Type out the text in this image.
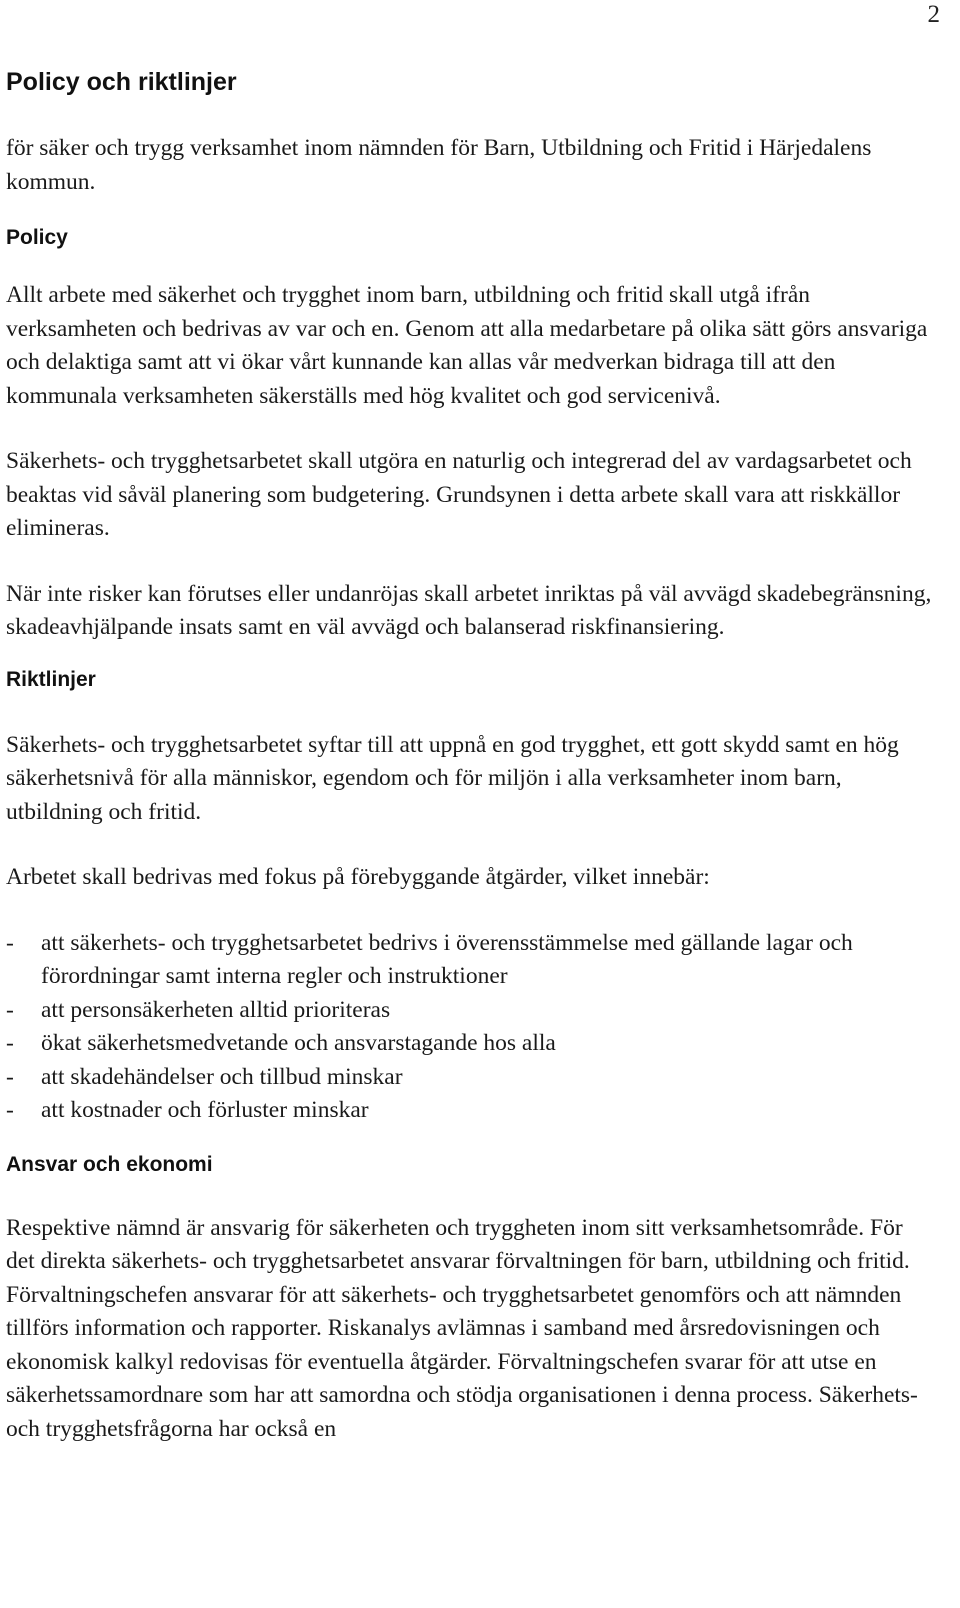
2
Policy och riktlinjer

för säker och trygg verksamhet inom nämnden för Barn, Utbildning och Fritid i Härjedalens kommun.

Policy

Allt arbete med säkerhet och trygghet inom barn, utbildning och fritid skall utgå ifrån verksamheten och bedrivas av var och en. Genom att alla medarbetare på olika sätt görs ansvariga och delaktiga samt att vi ökar vårt kunnande kan allas vår medverkan bidraga till att den kommunala verksamheten säkerställs med hög kvalitet och god servicenivå.

Säkerhets- och trygghetsarbetet skall utgöra en naturlig och integrerad del av vardagsarbetet och beaktas vid såväl planering som budgetering. Grundsynen i detta arbete skall vara att riskkällor elimineras.

När inte risker kan förutses eller undanröjas skall arbetet inriktas på väl avvägd skadebegränsning, skadeavhjälpande insats samt en väl avvägd och balanserad riskfinansiering.

Riktlinjer

Säkerhets- och trygghetsarbetet syftar till att uppnå en god trygghet, ett gott skydd samt en hög säkerhetsnivå för alla människor, egendom och för miljön i alla verksamheter inom barn, utbildning och fritid.

Arbetet skall bedrivas med fokus på förebyggande åtgärder, vilket innebär:

- att säkerhets- och trygghetsarbetet bedrivs i överensstämmelse med gällande lagar och förordningar samt interna regler och instruktioner
- att personsäkerheten alltid prioriteras
- ökat säkerhetsmedvetande och ansvarstagande hos alla
- att skadehändelser och tillbud minskar
- att kostnader och förluster minskar
Ansvar och ekonomi

Respektive nämnd är ansvarig för säkerheten och tryggheten inom sitt verksamhetsområde. För det direkta säkerhets- och trygghetsarbetet ansvarar förvaltningen för barn, utbildning och fritid. Förvaltningschefen ansvarar för att säkerhets- och trygghetsarbetet genomförs och att nämnden tillförs information och rapporter. Riskanalys avlämnas i samband med årsredovisningen och ekonomisk kalkyl redovisas för eventuella åtgärder. Förvaltningschefen svarar för att utse en säkerhetssamordnare som har att samordna och stödja organisationen i denna process. Säkerhets- och trygghetsfrågorna har också en
